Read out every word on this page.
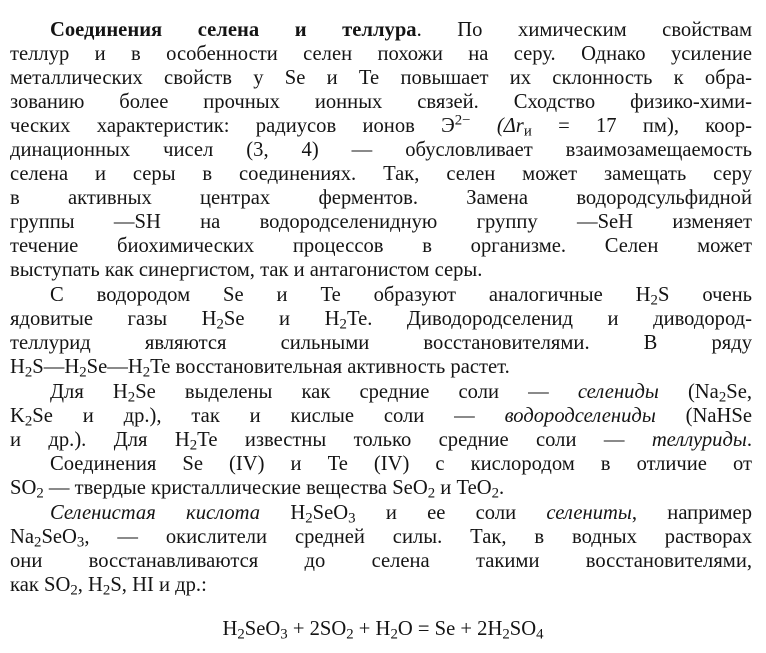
Соединения селена и теллура. По химическим свойствам
теллур и в особенности селен похожи на серу. Однако усиление
металлических свойств у Se и Te повышает их склонность к обра-
зованию более прочных ионных связей. Сходство физико-хими-
ческих характеристик: радиусов ионов $Э^{2-}$ ($\Delta r_и = 17$ пм), коор-
динационных чисел (3, 4) — обусловливает взаимозамещаемость
селена и серы в соединениях. Так, селен может замещать серу
в активных центрах ферментов. Замена водородсульфидной
группы —SH на водородселенидную группу —SeH изменяет
течение биохимических процессов в организме. Селен может
выступать как синергистом, так и антагонистом серы.
С водородом Se и Te образуют аналогичные $H_2S$ очень
ядовитые газы $H_2Se$ и $H_2Te$. Диводородселенид и диводород-
теллурид являются сильными восстановителями. В ряду
$H_2S—H_2Se—H_2Te$ восстановительная активность растет.
Для $H_2Se$ выделены как средние соли — селениды ($Na_2Se$,
$K_2Se$ и др.), так и кислые соли — водородселениды (NaHSe
и др.). Для $H_2Te$ известны только средние соли — теллуриды.
Соединения Se (IV) и Te (IV) с кислородом в отличие от
$SO_2$ — твердые кристаллические вещества SeO$_2$ и TeO$_2$.
Селенистая кислота $H_2SeO_3$ и ее соли селениты, например
$Na_2SeO_3$, — окислители средней силы. Так, в водных растворах
они восстанавливаются до селена такими восстановителями,
как $SO_2$, $H_2S$, HI и др.:
$H_2SeO_3 + 2SO_2 + H_2O = Se + 2H_2SO_4$
